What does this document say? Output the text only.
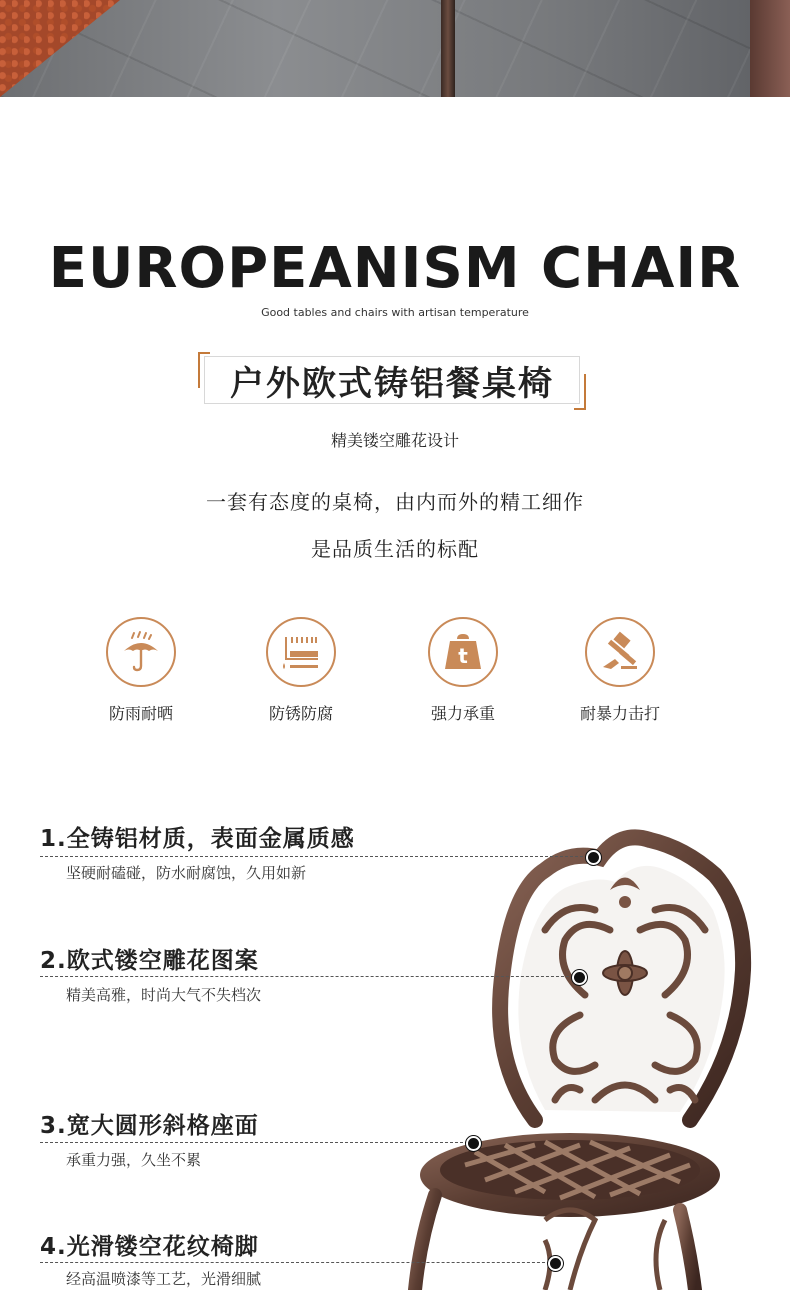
EUROPEANISM CHAIR
Good tables and chairs with artisan temperature
户外欧式铸铝餐桌椅
精美镂空雕花设计
一套有态度的桌椅，由内而外的精工细作
是品质生活的标配
防雨耐晒	防锈防腐
t
强力承重	耐暴力击打
1.全铸铝材质，表面金属质感
坚硬耐磕碰，防水耐腐蚀，久用如新
2.欧式镂空雕花图案
精美高雅，时尚大气不失档次
3.宽大圆形斜格座面
承重力强，久坐不累
4.光滑镂空花纹椅脚
经高温喷漆等工艺，光滑细腻
